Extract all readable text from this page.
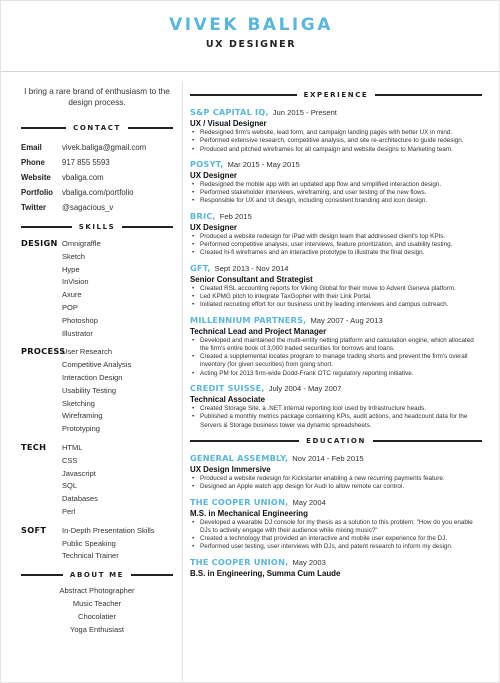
VIVEK BALIGA
UX DESIGNER
I bring a rare brand of enthusiasm to the design process.
CONTACT
Email	vivek.baliga@gmail.com
Phone	917 855 5593
Website	vbaliga.com
Portfolio	vbaliga.com/portfolio
Twitter	@sagacious_v
SKILLS
DESIGN Omnigraffle
Sketch
Hype
InVision
Axure
POP
Photoshop
Illustrator
PROCESS
User Research
Competitive Analysis
Interaction Design
Usability Testing
Sketching
Wireframing
Prototyping
TECH	HTML
CSS
Javascript
SQL
Databases
Perl
SOFT	In-Depth Presentation Skills
Public Speaking
Technical Trainer
ABOUT ME
Abstract Photographer
Music Teacher
Chocolatier
Yoga Enthusiast
EXPERIENCE
S&P CAPITAL IQ, Jun 2015 - Present
UX / Visual Designer
• Redesigned firm's website, lead form, and campaign landing pages with better UX in mind.
• Performed extensive research, competitive analysis, and site re-architecture to guide redesign.
• Produced and pitched wireframes for all campaign and website designs to Marketing team.
POSYT, Mar 2015 - May 2015
UX Designer
• Redesigned the mobile app with an updated app flow and simplified interaction design.
• Performed stakeholder interviews, wireframing, and user testing of the new flows.
• Responsible for UX and UI design, including consistent branding and icon design.
BRIC, Feb 2015
UX Designer
• Produced a website redesign for iPad with design team that addressed client's top KPIs.
• Performed competitive analysis, user interviews, feature prioritization, and usability testing.
• Created hi-fi wireframes and an interactive prototype to illustrate the final design.
GFT, Sept 2013 - Nov 2014
Senior Consultant and Strategist
• Created RSL accounting reports for Viking Global for their move to Advent Geneva platform.
• Led KPMG pitch to integrate TaxGopher with their Link Portal.
• Initiated recruiting effort for our business unit by leading interviews and campus outreach.
MILLENNIUM PARTNERS, May 2007 - Aug 2013
Technical Lead and Project Manager
• Developed and maintained the multi-entity netting platform and calculation engine, which allocated the firm's entire book of 3,000 traded securities for borrows and loans.
• Created a supplemental locates program to manage trading shorts and prevent the firm's overall inventory (for given securities) from going short.
• Acting PM for 2013 firm-wide Dodd-Frank OTC regulatory reporting initiative.
CREDIT SUISSE, July 2004 - May 2007
Technical Associate
• Created Storage Site, a .NET internal reporting tool used by Infrastructure heads.
• Published a monthly metrics package containing KPIs, audit actions, and headcount data for the Servers & Storage business tower via dynamic spreadsheets.
EDUCATION
GENERAL ASSEMBLY, Nov 2014 - Feb 2015
UX Design Immersive
• Produced a website redesign for Kickstarter enabling a new recurring payments feature.
• Designed an Apple watch app design for Audi to allow remote car control.
THE COOPER UNION, May 2004
M.S. in Mechanical Engineering
• Developed a wearable DJ console for my thesis as a solution to this problem: "How do you enable DJs to actively engage with their audience while mixing music?"
• Created a technology that provided an interactive and mobile user experience for the DJ.
• Performed user testing, user interviews with DJs, and patent research to inform my design.
THE COOPER UNION, May 2003
B.S. in Engineering, Summa Cum Laude
